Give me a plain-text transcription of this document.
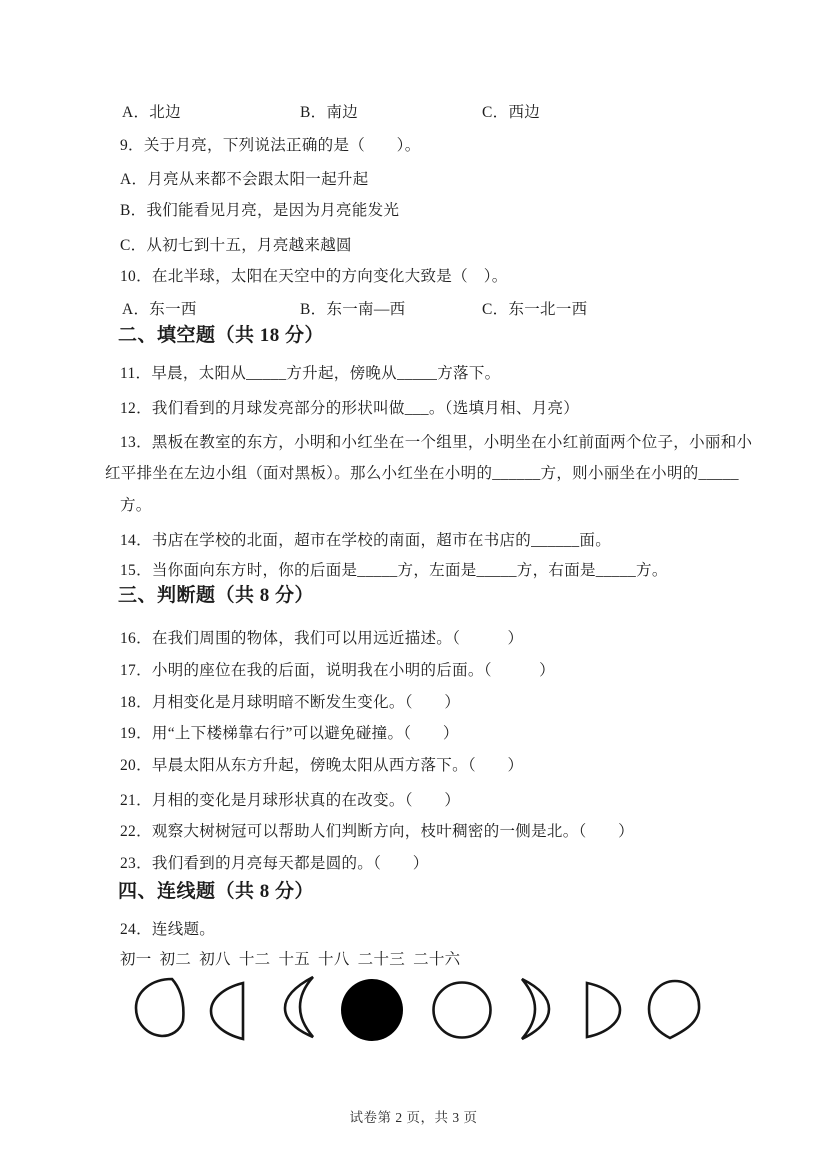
A．北边	B．南边	C．西边
9．关于月亮，下列说法正确的是（　　）。
A．月亮从来都不会跟太阳一起升起
B．我们能看见月亮，是因为月亮能发光
C．从初七到十五，月亮越来越圆
10．在北半球，太阳在天空中的方向变化大致是（　）。
A．东一西	B．东一南—西	C．东一北一西
二、填空题（共 18 分）
11．早晨，太阳从_____方升起，傍晚从_____方落下。
12．我们看到的月球发亮部分的形状叫做___。（选填月相、月亮）
13．黑板在教室的东方，小明和小红坐在一个组里，小明坐在小红前面两个位子，小丽和小
红平排坐在左边小组（面对黑板）。那么小红坐在小明的______方，则小丽坐在小明的_____
方。
14．书店在学校的北面，超市在学校的南面，超市在书店的______面。
15．当你面向东方时，你的后面是_____方，左面是_____方，右面是_____方。
三、判断题（共 8 分）
16．在我们周围的物体，我们可以用远近描述。（　　　）
17．小明的座位在我的后面，说明我在小明的后面。（　　　）
18．月相变化是月球明暗不断发生变化。（　　）
19．用“上下楼梯靠右行”可以避免碰撞。（　　）
20．早晨太阳从东方升起，傍晚太阳从西方落下。（　　）
21．月相的变化是月球形状真的在改变。（　　）
22．观察大树树冠可以帮助人们判断方向，枝叶稠密的一侧是北。（　　）
23．我们看到的月亮每天都是圆的。（　　）
四、连线题（共 8 分）
24．连线题。
初一 初二 初八 十二 十五 十八 二十三 二十六
试卷第 2 页，共 3 页
